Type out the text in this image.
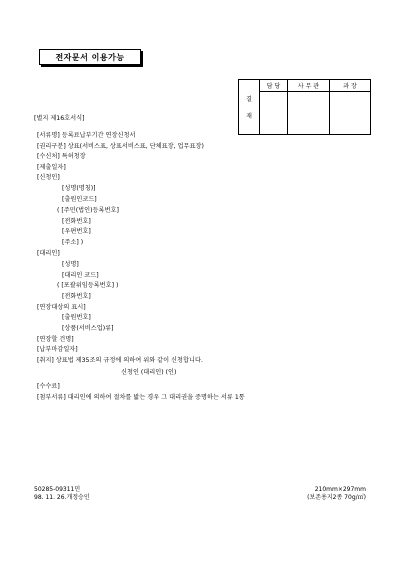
전자문서 이용가능
결
재	담 당	사 무 관	과 장

[별지 제16호서식]
[서류명] 등록료납부기간 연장신청서
[권리구분] 상표(서비스표, 상표서비스표, 단체표장, 업무표장)
[수신처] 특허청장
[제출일자]
[신청인]
[성명(명칭)]
[출원인코드]
( [주민(법인)등록번호]
[전화번호]
[우편번호]
[주소] )
[대리인]
[성명]
[대리인 코드]
( [포괄위임등록번호] )
[전화번호]
[연장대상의 표시]
[출원번호]
[상품(서비스업)류]
[연장할 건명]
[납부마감일자]
[취지] 상표법 제35조의 규정에 의하여 위와 같이 신청합니다.
신청인 (대리인) (인)
[수수료]
[첨부서류] 대리인에 의하여 절차를 밟는 경우 그 대리권을 증명하는 서류 1통
50285-09311민
98. 11. 26.개정승인
210mm×297mm
(보존용지2종 70g/㎡)
